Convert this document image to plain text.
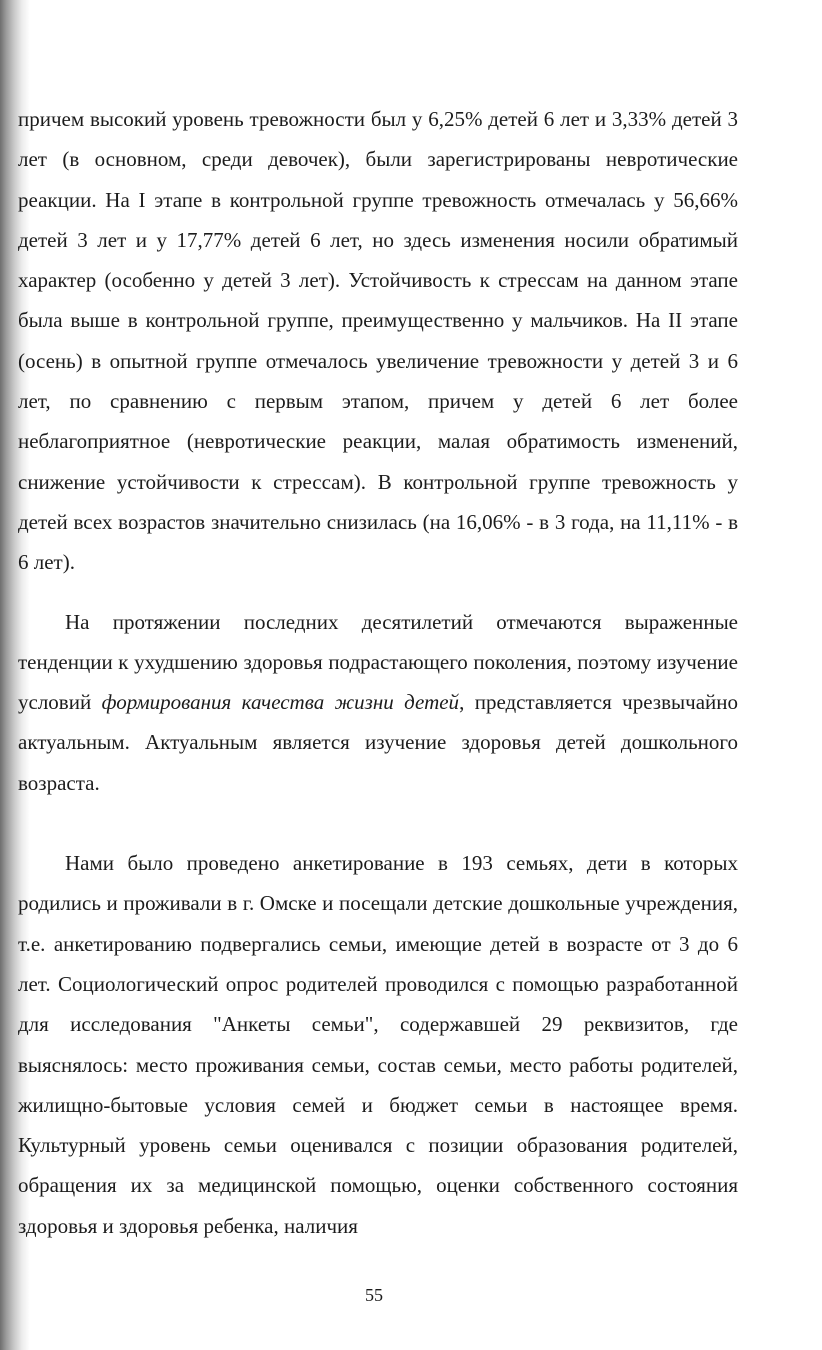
причем высокий уровень тревожности был у 6,25% детей 6 лет и 3,33% детей 3 лет (в основном, среди девочек), были зарегистрированы невротические реакции. На I этапе в контрольной группе тревожность отмечалась у 56,66% детей 3 лет и у 17,77% детей 6 лет, но здесь изменения носили обратимый характер (особенно у детей 3 лет). Устойчивость к стрессам на данном этапе была выше в контрольной группе, преимущественно у мальчиков. На II этапе (осень) в опытной группе отмечалось увеличение тревожности у детей 3 и 6 лет, по сравнению с первым этапом, причем у детей 6 лет более неблагоприятное (невротические реакции, малая обратимость изменений, снижение устойчивости к стрессам). В контрольной группе тревожность у детей всех возрастов значительно снизилась (на 16,06% - в 3 года, на 11,11% - в 6 лет).

На протяжении последних десятилетий отмечаются выраженные тенденции к ухудшению здоровья подрастающего поколения, поэтому изучение условий формирования качества жизни детей, представляется чрезвычайно актуальным. Актуальным является изучение здоровья детей дошкольного возраста.

Нами было проведено анкетирование в 193 семьях, дети в которых родились и проживали в г. Омске и посещали детские дошкольные учреждения, т.е. анкетированию подвергались семьи, имеющие детей в возрасте от 3 до 6 лет. Социологический опрос родителей проводился с помощью разработанной для исследования "Анкеты семьи", содержавшей 29 реквизитов, где выяснялось: место проживания семьи, состав семьи, место работы родителей, жилищно-бытовые условия семей и бюджет семьи в настоящее время. Культурный уровень семьи оценивался с позиции образования родителей, обращения их за медицинской помощью, оценки собственного состояния здоровья и здоровья ребенка, наличия

55
